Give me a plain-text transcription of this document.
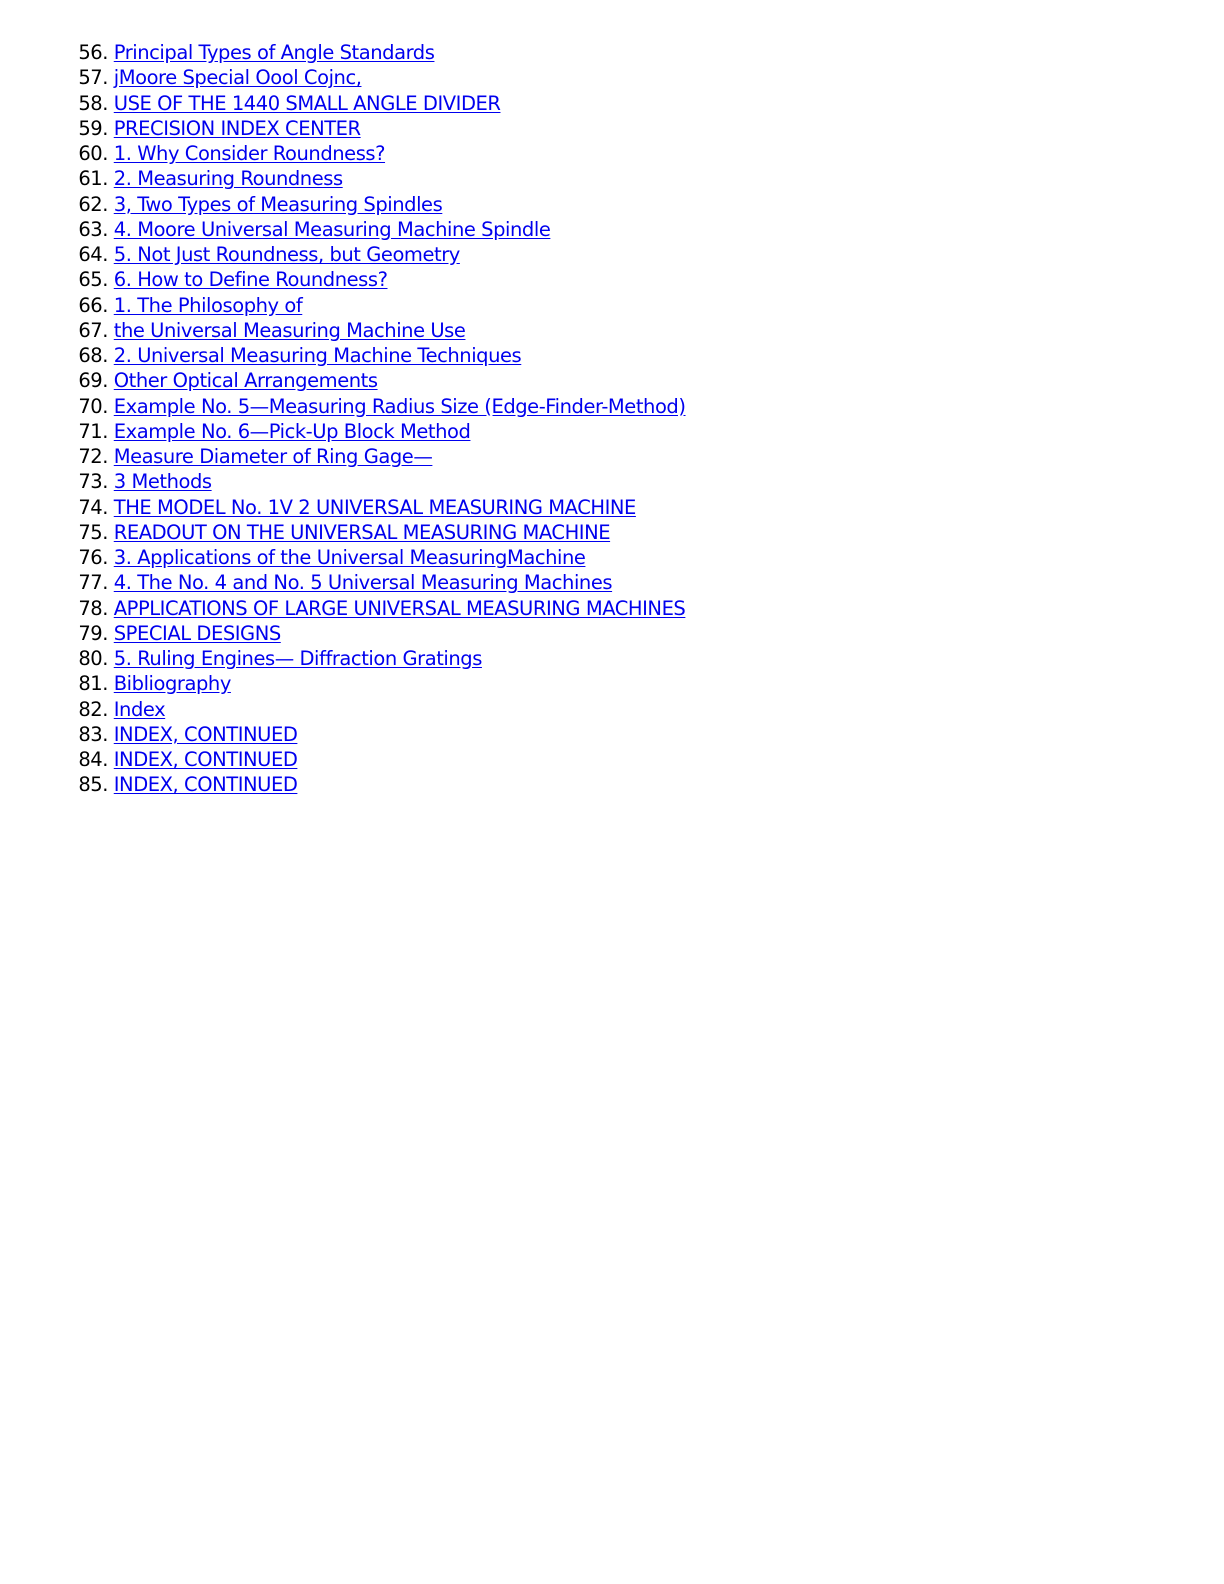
56. Principal Types of Angle Standards
57. jMoore Special Oool Cojnc,
58. USE OF THE 1440 SMALL ANGLE DIVIDER
59. PRECISION INDEX CENTER
60. 1. Why Consider Roundness?
61. 2. Measuring Roundness
62. 3, Two Types of Measuring Spindles
63. 4. Moore Universal Measuring Machine Spindle
64. 5. Not Just Roundness, but Geometry
65. 6. How to Define Roundness?
66. 1. The Philosophy of
67. the Universal Measuring Machine Use
68. 2. Universal Measuring Machine Techniques
69. Other Optical Arrangements
70. Example No. 5—Measuring Radius Size (Edge-Finder-Method)
71. Example No. 6—Pick-Up Block Method
72. Measure Diameter of Ring Gage—
73. 3 Methods
74. THE MODEL No. 1V 2 UNIVERSAL MEASURING MACHINE
75. READOUT ON THE UNIVERSAL MEASURING MACHINE
76. 3. Applications of the Universal MeasuringMachine
77. 4. The No. 4 and No. 5 Universal Measuring Machines
78. APPLICATIONS OF LARGE UNIVERSAL MEASURING MACHINES
79. SPECIAL DESIGNS
80. 5. Ruling Engines— Diffraction Gratings
81. Bibliography
82. Index
83. INDEX, CONTINUED
84. INDEX, CONTINUED
85. INDEX, CONTINUED
